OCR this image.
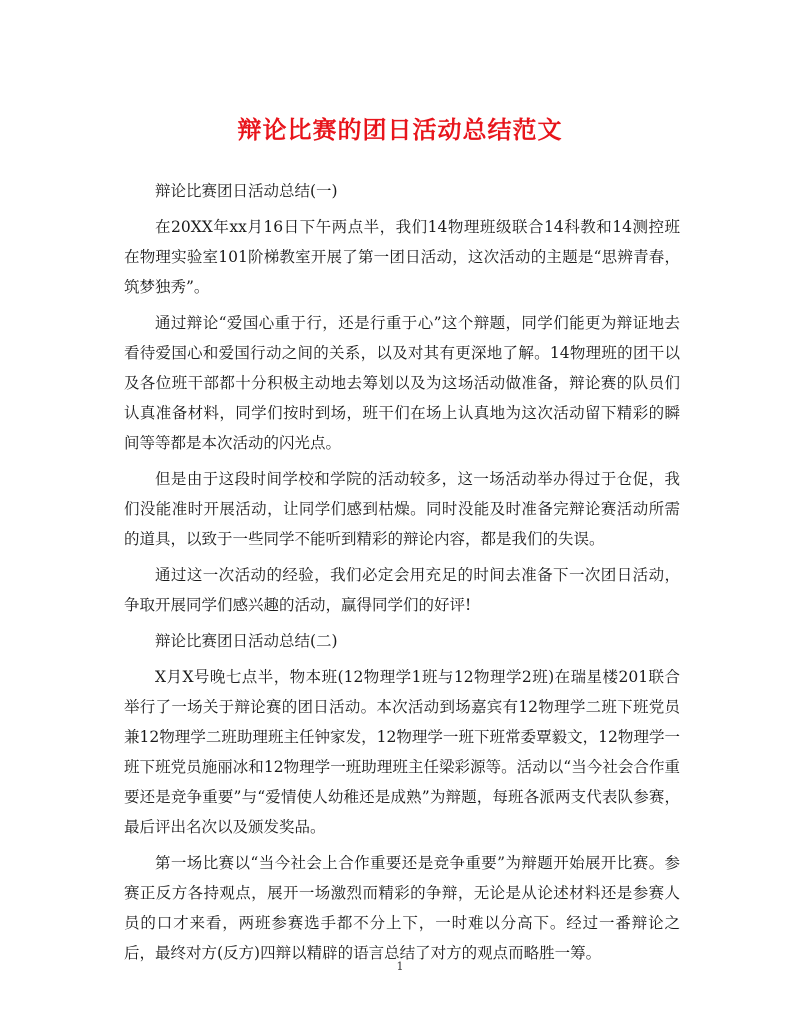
辩论比赛的团日活动总结范文

辩论比赛团日活动总结(一)

在20XX年xx月16日下午两点半，我们14物理班级联合14科教和14测控班在物理实验室101阶梯教室开展了第一团日活动，这次活动的主题是“思辨青春，筑梦独秀”。

通过辩论“爱国心重于行，还是行重于心”这个辩题，同学们能更为辩证地去看待爱国心和爱国行动之间的关系，以及对其有更深地了解。14物理班的团干以及各位班干部都十分积极主动地去筹划以及为这场活动做准备，辩论赛的队员们认真准备材料，同学们按时到场，班干们在场上认真地为这次活动留下精彩的瞬间等等都是本次活动的闪光点。

但是由于这段时间学校和学院的活动较多，这一场活动举办得过于仓促，我们没能准时开展活动，让同学们感到枯燥。同时没能及时准备完辩论赛活动所需的道具，以致于一些同学不能听到精彩的辩论内容，都是我们的失误。

通过这一次活动的经验，我们必定会用充足的时间去准备下一次团日活动，争取开展同学们感兴趣的活动，赢得同学们的好评!

辩论比赛团日活动总结(二)

X月X号晚七点半，物本班(12物理学1班与12物理学2班)在瑞星楼201联合举行了一场关于辩论赛的团日活动。本次活动到场嘉宾有12物理学二班下班党员兼12物理学二班助理班主任钟家发，12物理学一班下班常委覃毅文，12物理学一班下班党员施丽冰和12物理学一班助理班主任梁彩源等。活动以“当今社会合作重要还是竞争重要”与“爱情使人幼稚还是成熟”为辩题，每班各派两支代表队参赛，最后评出名次以及颁发奖品。

第一场比赛以“当今社会上合作重要还是竞争重要”为辩题开始展开比赛。参赛正反方各持观点，展开一场激烈而精彩的争辩，无论是从论述材料还是参赛人员的口才来看，两班参赛选手都不分上下，一时难以分高下。经过一番辩论之后，最终对方(反方)四辩以精辟的语言总结了对方的观点而略胜一筹。

1
